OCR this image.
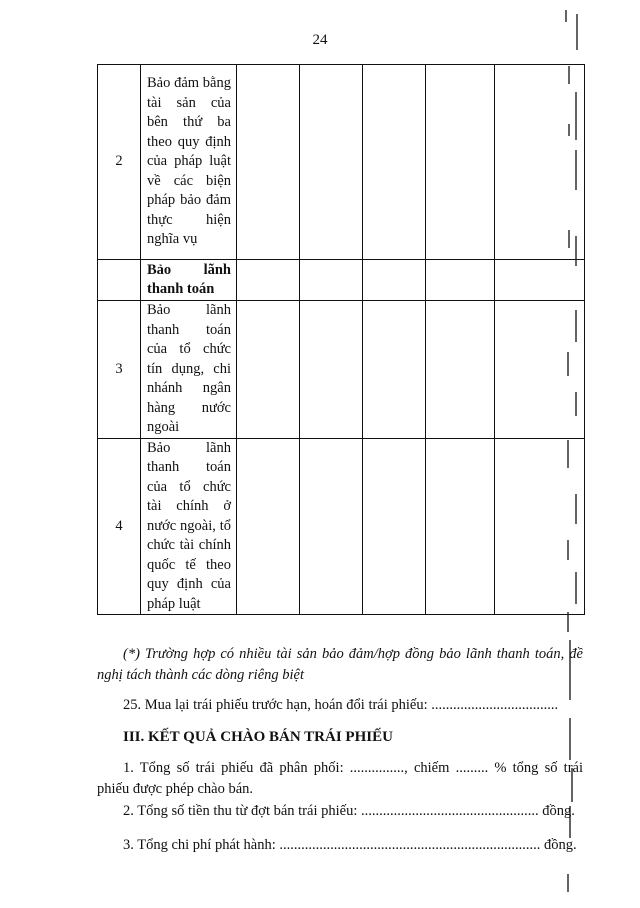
24
2	Bảo đảm bằng tài sản của bên thứ ba theo quy định của pháp luật về các biện pháp bảo đảm thực hiện nghĩa vụ					

	Bảo lãnh thanh toán					

3	Bảo lãnh thanh toán của tổ chức tín dụng, chi nhánh ngân hàng nước ngoài					

4	Bảo lãnh thanh toán của tổ chức tài chính ở nước ngoài, tổ chức tài chính quốc tế theo quy định của pháp luật					

(*) Trường hợp có nhiều tài sản bảo đảm/hợp đồng bảo lãnh thanh toán, đề nghị tách thành các dòng riêng biệt
25. Mua lại trái phiếu trước hạn, hoán đổi trái phiếu: ...................................
III. KẾT QUẢ CHÀO BÁN TRÁI PHIẾU
1. Tổng số trái phiếu đã phân phối: ..............., chiếm ......... % tổng số trái phiếu được phép chào bán.
2. Tổng số tiền thu từ đợt bán trái phiếu: ................................................. đồng.
3. Tổng chi phí phát hành: ........................................................................ đồng.
